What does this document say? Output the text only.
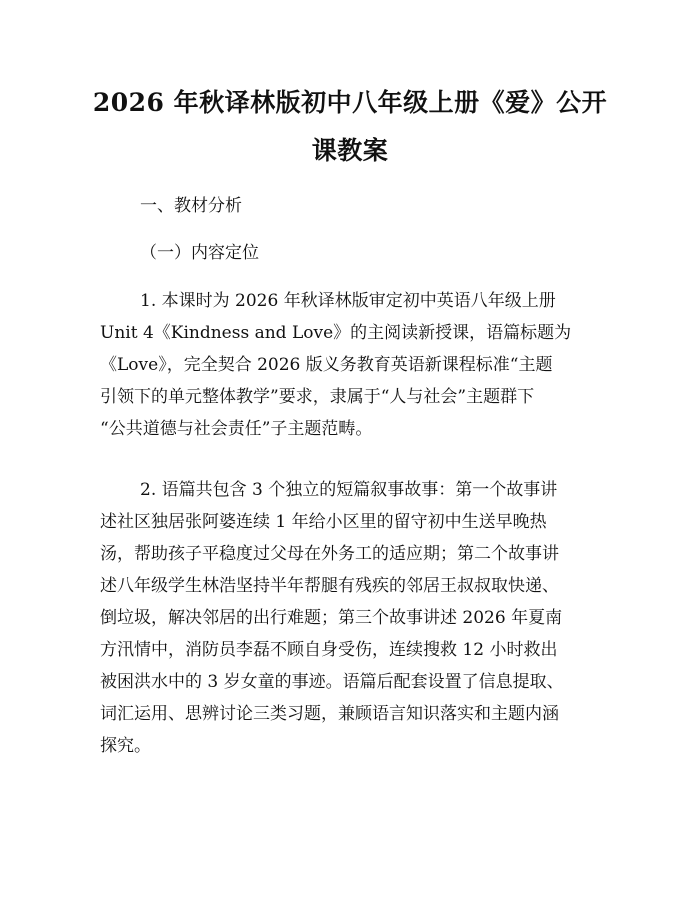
2026 年秋译林版初中八年级上册《爱》公开
课教案
一、教材分析
（一）内容定位
1. 本课时为 2026 年秋译林版审定初中英语八年级上册
Unit 4《Kindness and Love》的主阅读新授课，语篇标题为
《Love》，完全契合 2026 版义务教育英语新课程标准“主题
引领下的单元整体教学”要求，隶属于“人与社会”主题群下
“公共道德与社会责任”子主题范畴。
2. 语篇共包含 3 个独立的短篇叙事故事：第一个故事讲
述社区独居张阿婆连续 1 年给小区里的留守初中生送早晚热
汤，帮助孩子平稳度过父母在外务工的适应期；第二个故事讲
述八年级学生林浩坚持半年帮腿有残疾的邻居王叔叔取快递、
倒垃圾，解决邻居的出行难题；第三个故事讲述 2026 年夏南
方汛情中，消防员李磊不顾自身受伤，连续搜救 12 小时救出
被困洪水中的 3 岁女童的事迹。语篇后配套设置了信息提取、
词汇运用、思辨讨论三类习题，兼顾语言知识落实和主题内涵
探究。
